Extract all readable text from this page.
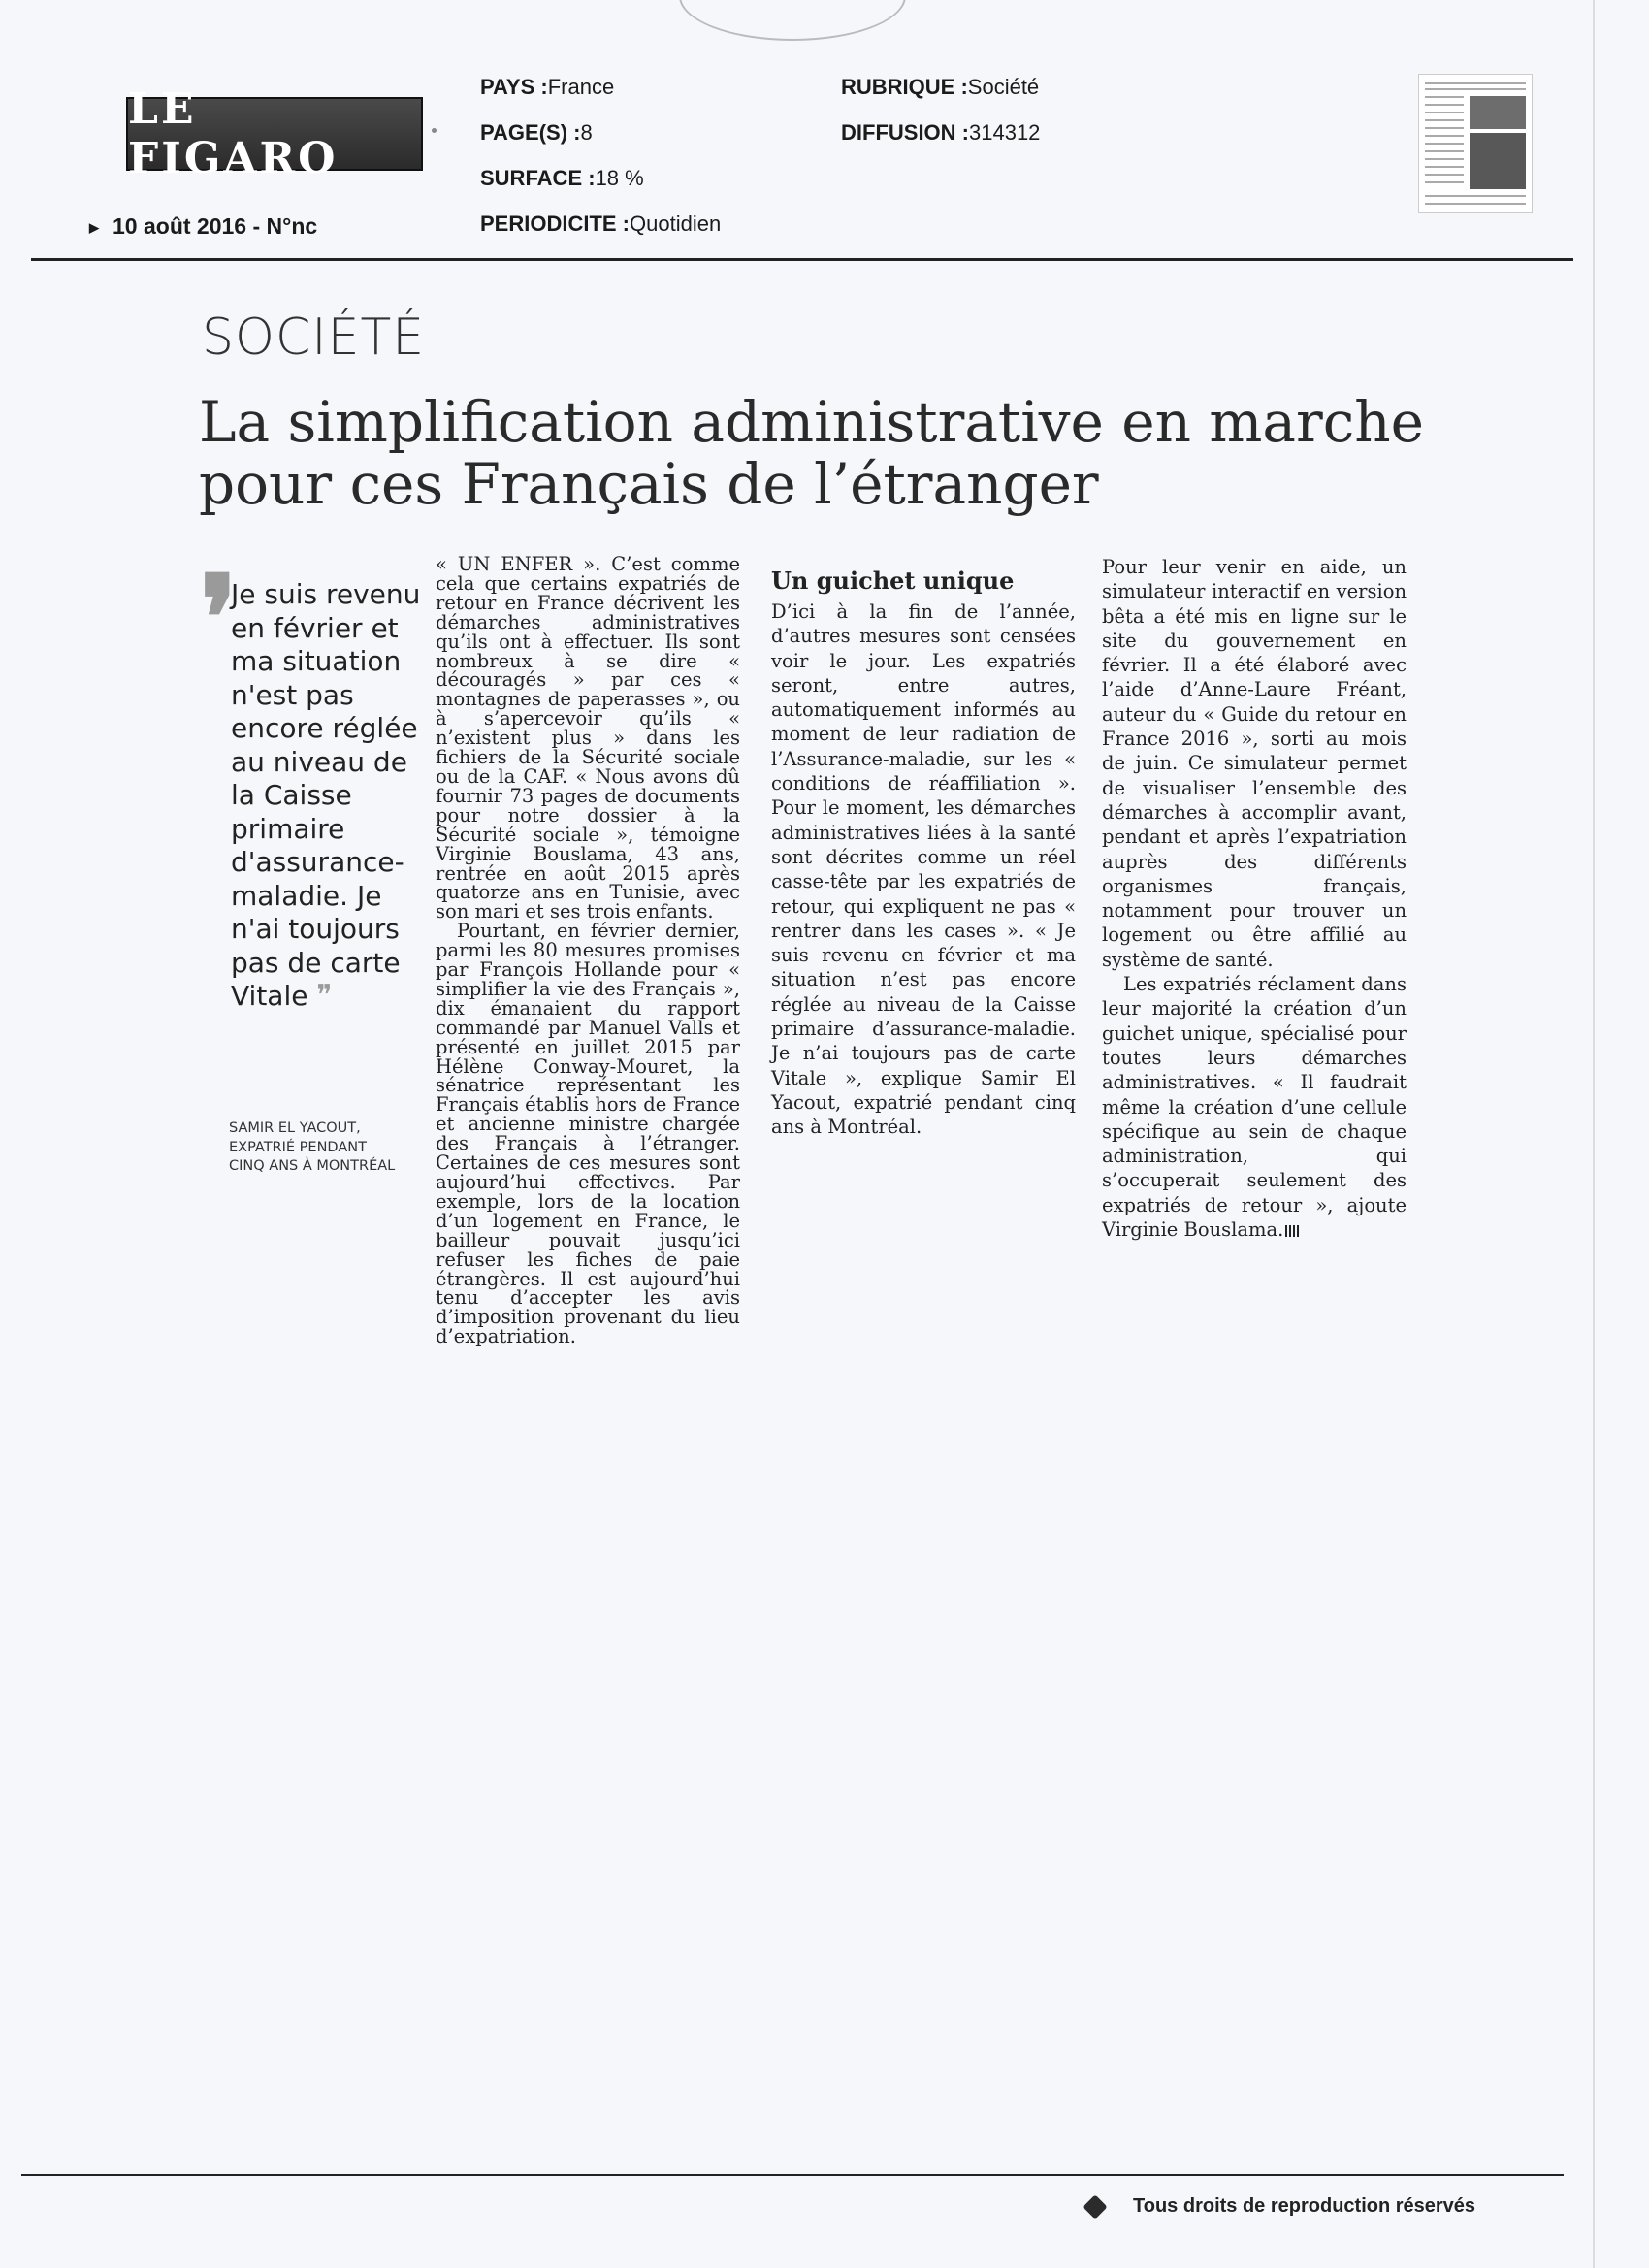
LE FIGARO
PAYS :France
PAGE(S) :8
SURFACE :18 %
PERIODICITE :Quotidien
RUBRIQUE :Société
DIFFUSION :314312
▶ 10 août 2016 - N°nc
SOCIÉTÉ
La simplification administrative en marche
pour ces Français de l’étranger
❜
Je suis revenu en février et ma situation n'est pas encore réglée au niveau de la Caisse primaire d'assurance-maladie. Je n'ai toujours pas de carte Vitale ❞
SAMIR EL YACOUT,
EXPATRIÉ PENDANT
CINQ ANS À MONTRÉAL

« UN ENFER ». C’est comme cela que certains expatriés de retour en France décrivent les démarches administratives qu’ils ont à effectuer. Ils sont nombreux à se dire « découragés » par ces « montagnes de paperasses », ou à s’apercevoir qu’ils « n’existent plus » dans les fichiers de la Sécurité sociale ou de la CAF. « Nous avons dû fournir 73 pages de documents pour notre dossier à la Sécurité sociale », témoigne Virginie Bouslama, 43 ans, rentrée en août 2015 après quatorze ans en Tunisie, avec son mari et ses trois enfants.

Pourtant, en février dernier, parmi les 80 mesures promises par François Hollande pour « simplifier la vie des Français », dix émanaient du rapport commandé par Manuel Valls et présenté en juillet 2015 par Hélène Conway-Mouret, la sénatrice représentant les Français établis hors de France et ancienne ministre chargée des Français à l’étranger. Certaines de ces mesures sont aujourd’hui effectives. Par exemple, lors de la location d’un logement en France, le bailleur pouvait jusqu’ici refuser les fiches de paie étrangères. Il est aujourd’hui tenu d’accepter les avis d’imposition provenant du lieu d’expatriation.

Un guichet unique

D’ici à la fin de l’année, d’autres mesures sont censées voir le jour. Les expatriés seront, entre autres, automatiquement informés au moment de leur radiation de l’Assurance-maladie, sur les « conditions de réaffiliation ». Pour le moment, les démarches administratives liées à la santé sont décrites comme un réel casse-tête par les expatriés de retour, qui expliquent ne pas « rentrer dans les cases ». « Je suis revenu en février et ma situation n’est pas encore réglée au niveau de la Caisse primaire d’assurance-maladie. Je n’ai toujours pas de carte Vitale », explique Samir El Yacout, expatrié pendant cinq ans à Montréal.

Pour leur venir en aide, un simulateur interactif en version bêta a été mis en ligne sur le site du gouvernement en février. Il a été élaboré avec l’aide d’Anne-Laure Fréant, auteur du « Guide du retour en France 2016 », sorti au mois de juin. Ce simulateur permet de visualiser l’ensemble des démarches à accomplir avant, pendant et après l’expatriation auprès des différents organismes français, notamment pour trouver un logement ou être affilié au système de santé.

Les expatriés réclament dans leur majorité la création d’un guichet unique, spécialisé pour toutes leurs démarches administratives. « Il faudrait même la création d’une cellule spécifique au sein de chaque administration, qui s’occuperait seulement des expatriés de retour », ajoute Virginie Bouslama.

Tous droits de reproduction réservés
